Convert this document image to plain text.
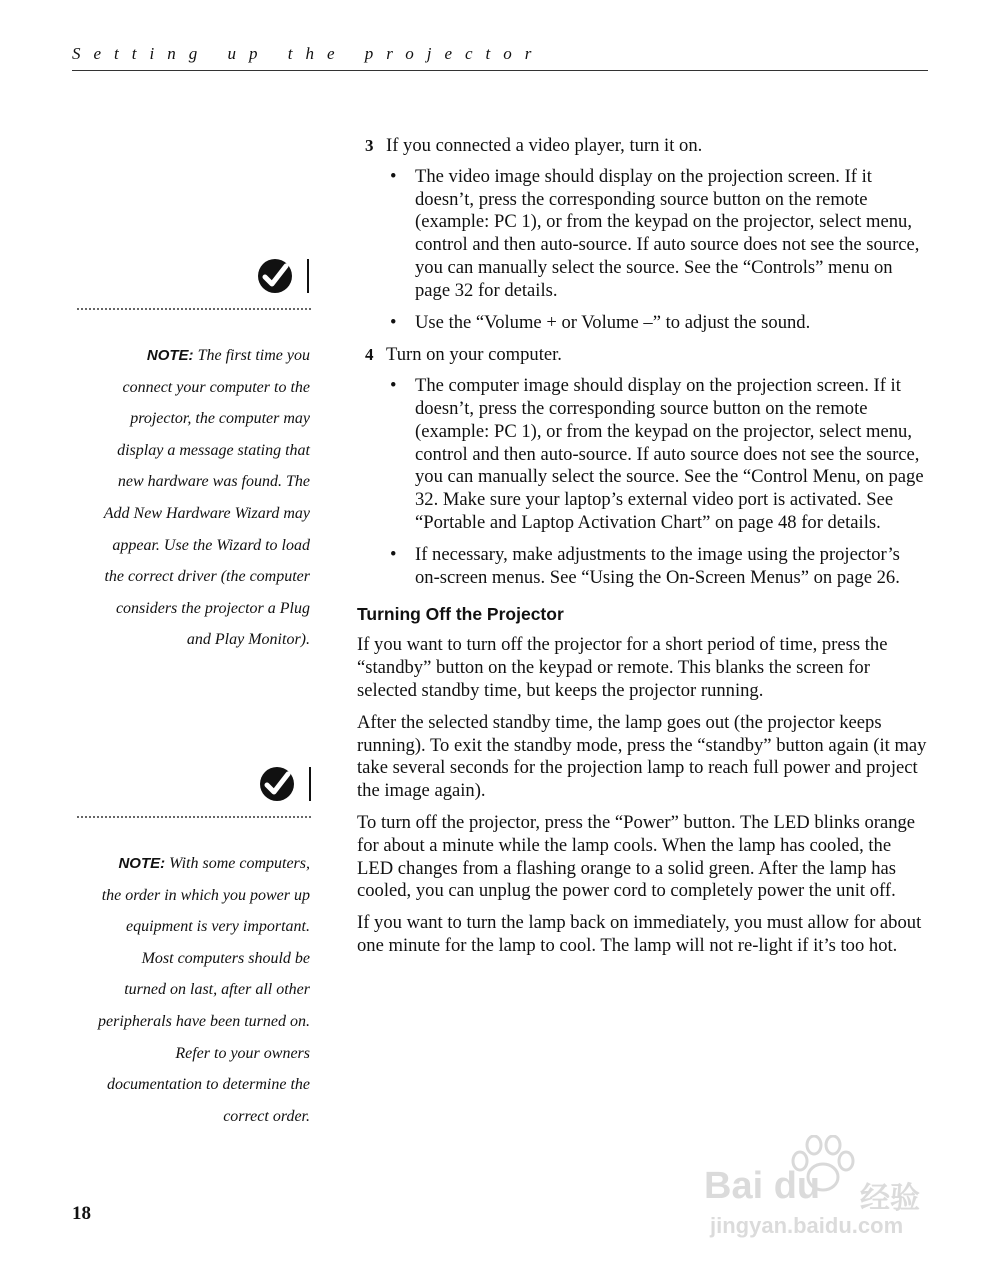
Setting up the projector
NOTE: The first time you
connect your computer to the
projector, the computer may
display a message stating that
new hardware was found. The
Add New Hardware Wizard may
appear. Use the Wizard to load
the correct driver (the computer
considers the projector a Plug
and Play Monitor).
NOTE: With some computers,
the order in which you power up
equipment is very important.
Most computers should be
turned on last, after all other
peripherals have been turned on.
Refer to your owners
documentation to determine the
correct order.
3 If you connected a video player, turn it on.
• The video image should display on the projection screen. If it doesn’t, press the corresponding source button on the remote (example: PC 1), or from the keypad on the projector, select menu, control and then auto-source. If auto source does not see the source, you can manually select the source. See the “Controls” menu on page 32 for details.
• Use the “Volume + or Volume –” to adjust the sound.
4 Turn on your computer.
• The computer image should display on the projection screen. If it doesn’t, press the corresponding source button on the remote (example: PC 1), or from the keypad on the projector, select menu, control and then auto-source. If auto source does not see the source, you can manually select the source. See the “Control Menu, on page 32. Make sure your laptop’s external video port is activated. See “Portable and Laptop Activation Chart” on page 48 for details.
• If necessary, make adjustments to the image using the projector’s on-screen menus. See “Using the On-Screen Menus” on page 26.
Turning Off the Projector

If you want to turn off the projector for a short period of time, press the “standby” button on the keypad or remote. This blanks the screen for selected standby time, but keeps the projector running.

After the selected standby time, the lamp goes out (the projector keeps running). To exit the standby mode, press the “standby” button again (it may take several seconds for the projection lamp to reach full power and project the image again).

To turn off the projector, press the “Power” button. The LED blinks orange for about a minute while the lamp cools. When the lamp has cooled, the LED changes from a flashing orange to a solid green. After the lamp has cooled, you can unplug the power cord to completely power the unit off.

If you want to turn the lamp back on immediately, you must allow for about one minute for the lamp to cool. The lamp will not re-light if it’s too hot.

18
Bai du 经验
jingyan.baidu.com
